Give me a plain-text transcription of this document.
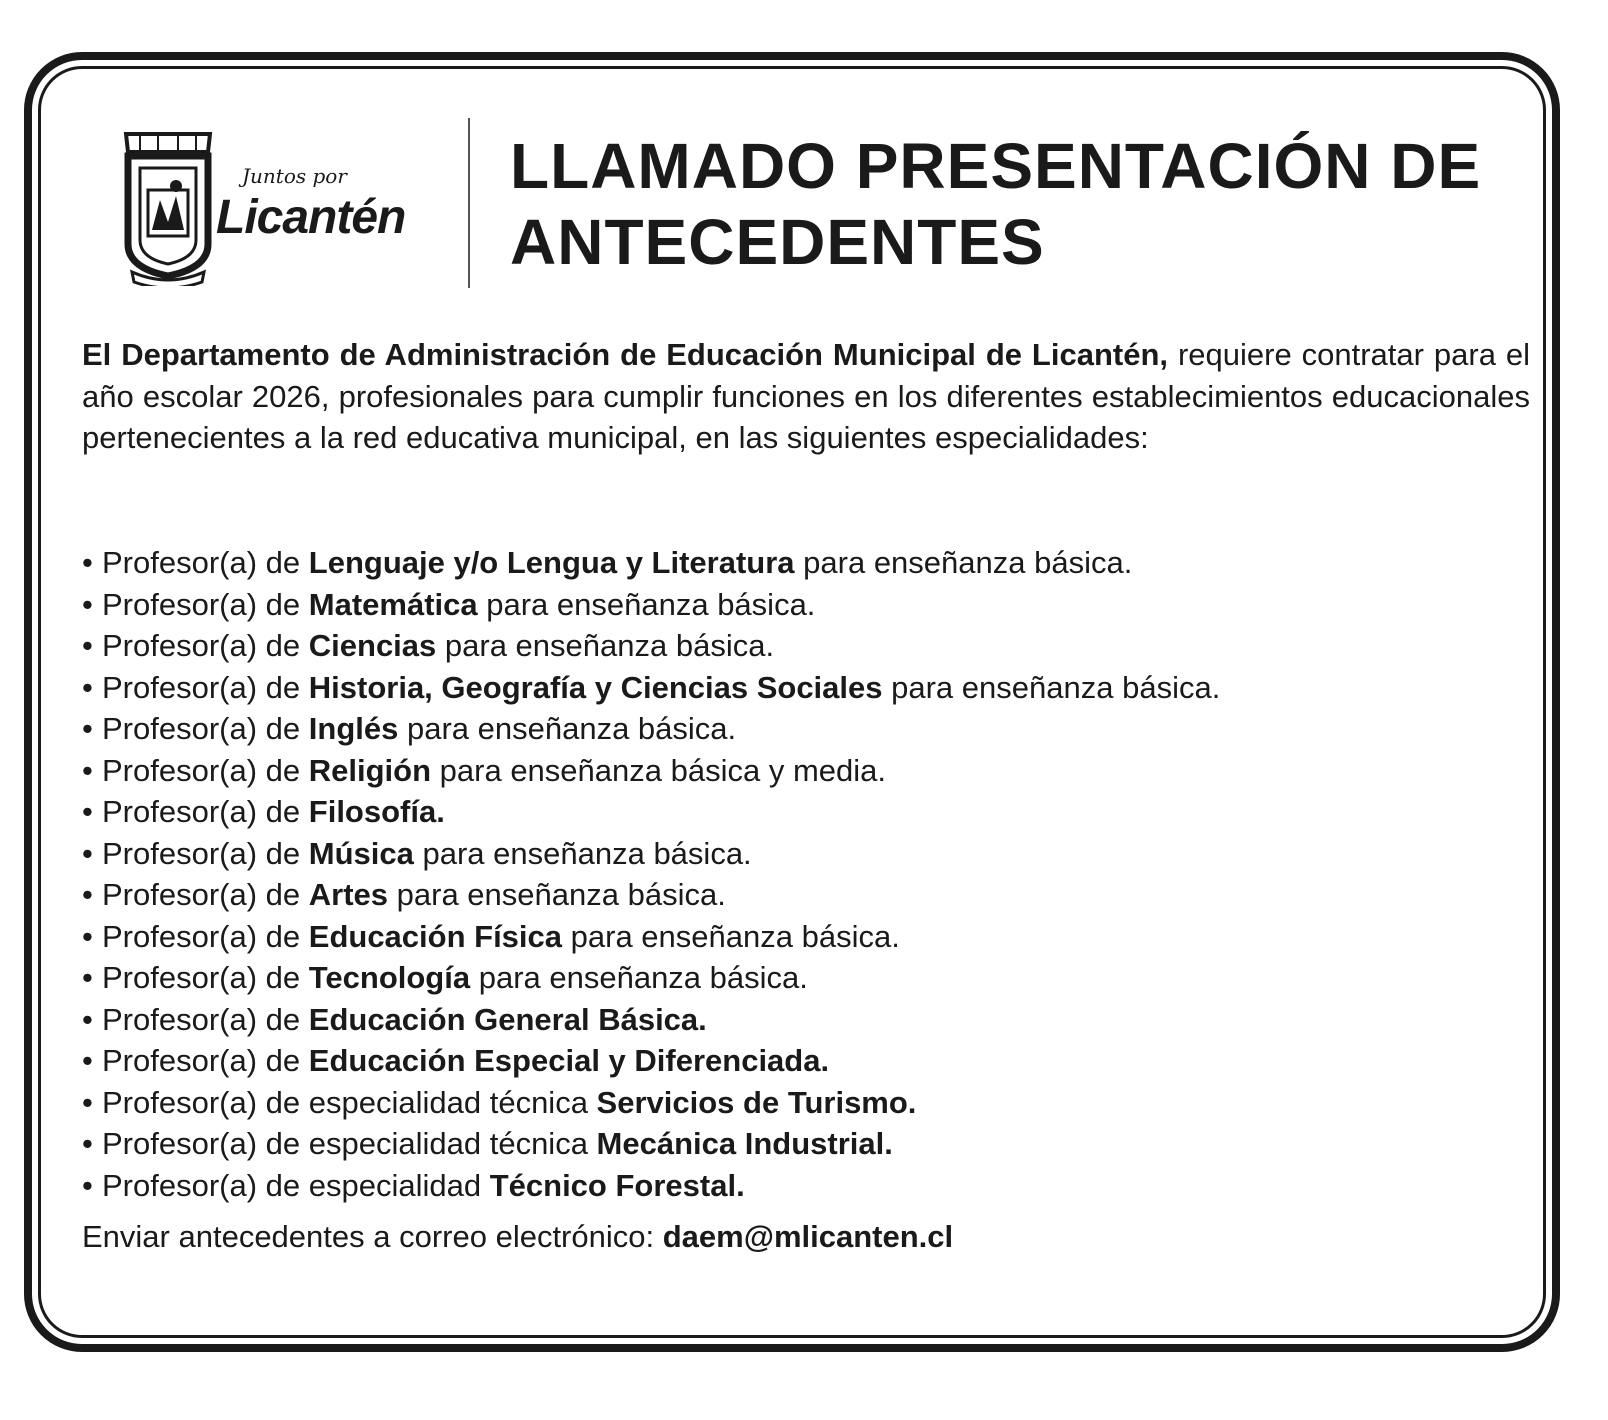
Juntos por
Licantén
LLAMADO PRESENTACIÓN DE
ANTECEDENTES

El Departamento de Administración de Educación Municipal de Licantén, requiere contratar para el año escolar 2026, profesionales para cumplir funciones en los diferentes establecimientos educacionales pertenecientes a la red educativa municipal, en las siguientes especialidades:

• Profesor(a) de Lenguaje y/o Lengua y Literatura para enseñanza básica.
• Profesor(a) de Matemática para enseñanza básica.
• Profesor(a) de Ciencias para enseñanza básica.
• Profesor(a) de Historia, Geografía y Ciencias Sociales para enseñanza básica.
• Profesor(a) de Inglés para enseñanza básica.
• Profesor(a) de Religión para enseñanza básica y media.
• Profesor(a) de Filosofía.
• Profesor(a) de Música para enseñanza básica.
• Profesor(a) de Artes para enseñanza básica.
• Profesor(a) de Educación Física para enseñanza básica.
• Profesor(a) de Tecnología para enseñanza básica.
• Profesor(a) de Educación General Básica.
• Profesor(a) de Educación Especial y Diferenciada.
• Profesor(a) de especialidad técnica Servicios de Turismo.
• Profesor(a) de especialidad técnica Mecánica Industrial.
• Profesor(a) de especialidad Técnico Forestal.

Enviar antecedentes a correo electrónico: daem@mlicanten.cl
